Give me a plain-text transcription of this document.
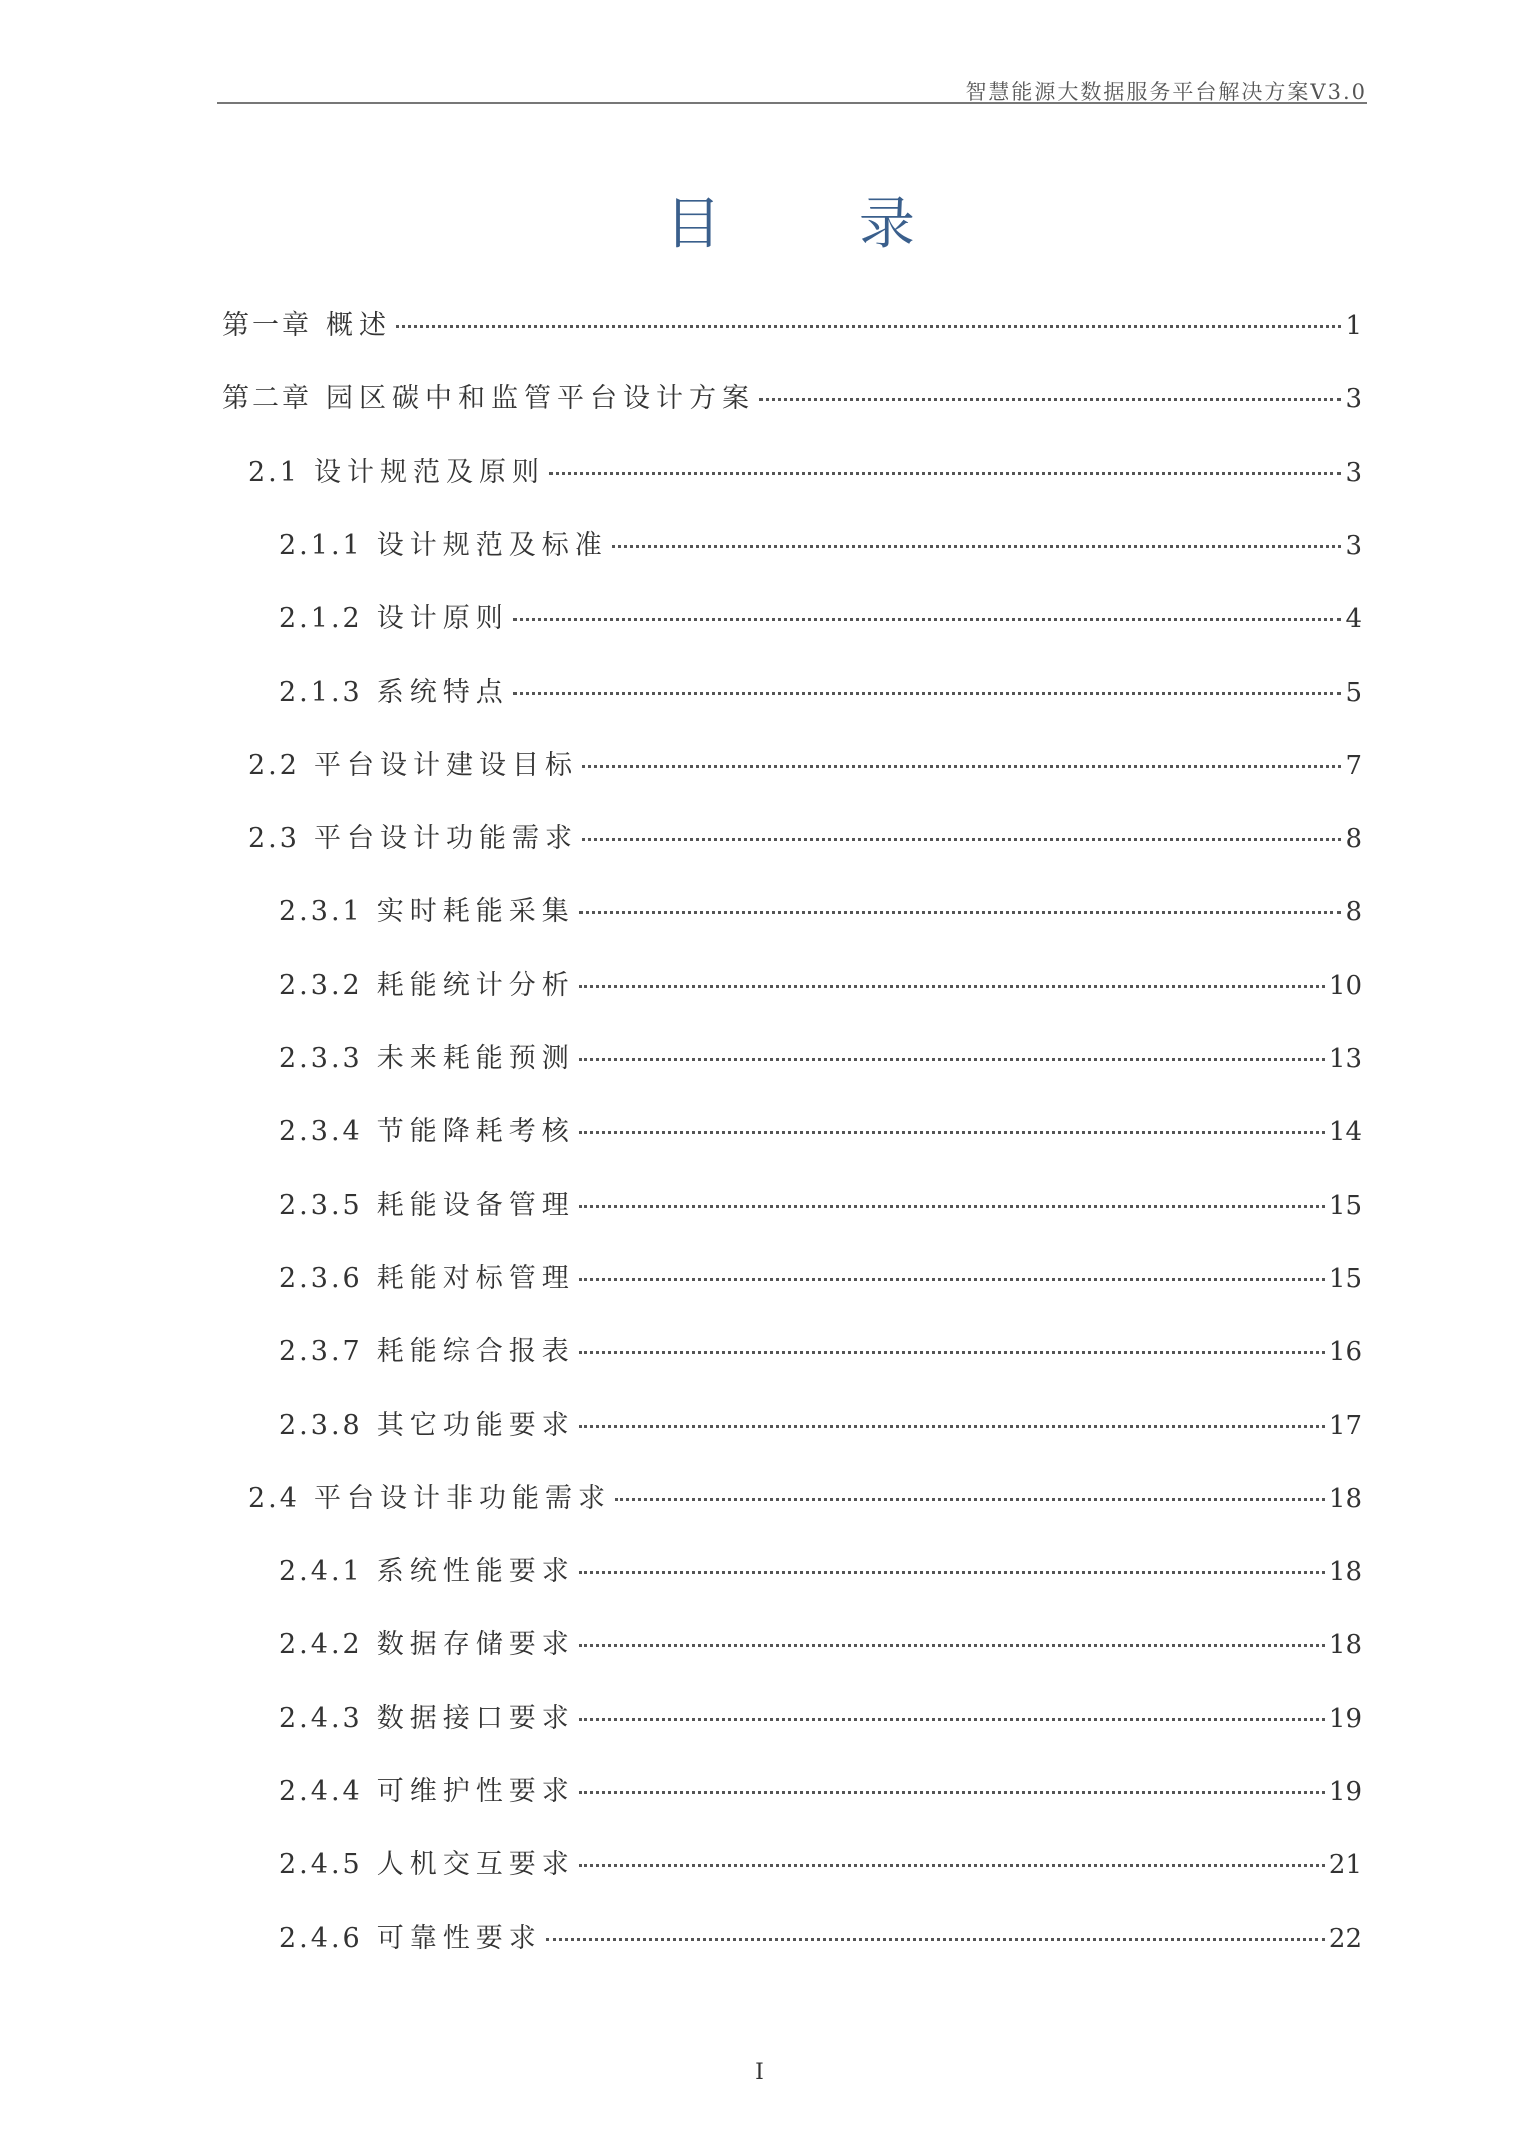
智慧能源大数据服务平台解决方案V3.0
目 录
第一章 概述	1
第二章 园区碳中和监管平台设计方案	3
2.1 设计规范及原则	3
2.1.1 设计规范及标准	3
2.1.2 设计原则	4
2.1.3 系统特点	5
2.2 平台设计建设目标	7
2.3 平台设计功能需求	8
2.3.1 实时耗能采集	8
2.3.2 耗能统计分析	10
2.3.3 未来耗能预测	13
2.3.4 节能降耗考核	14
2.3.5 耗能设备管理	15
2.3.6 耗能对标管理	15
2.3.7 耗能综合报表	16
2.3.8 其它功能要求	17
2.4 平台设计非功能需求	18
2.4.1 系统性能要求	18
2.4.2 数据存储要求	18
2.4.3 数据接口要求	19
2.4.4 可维护性要求	19
2.4.5 人机交互要求	21
2.4.6 可靠性要求	22
I
